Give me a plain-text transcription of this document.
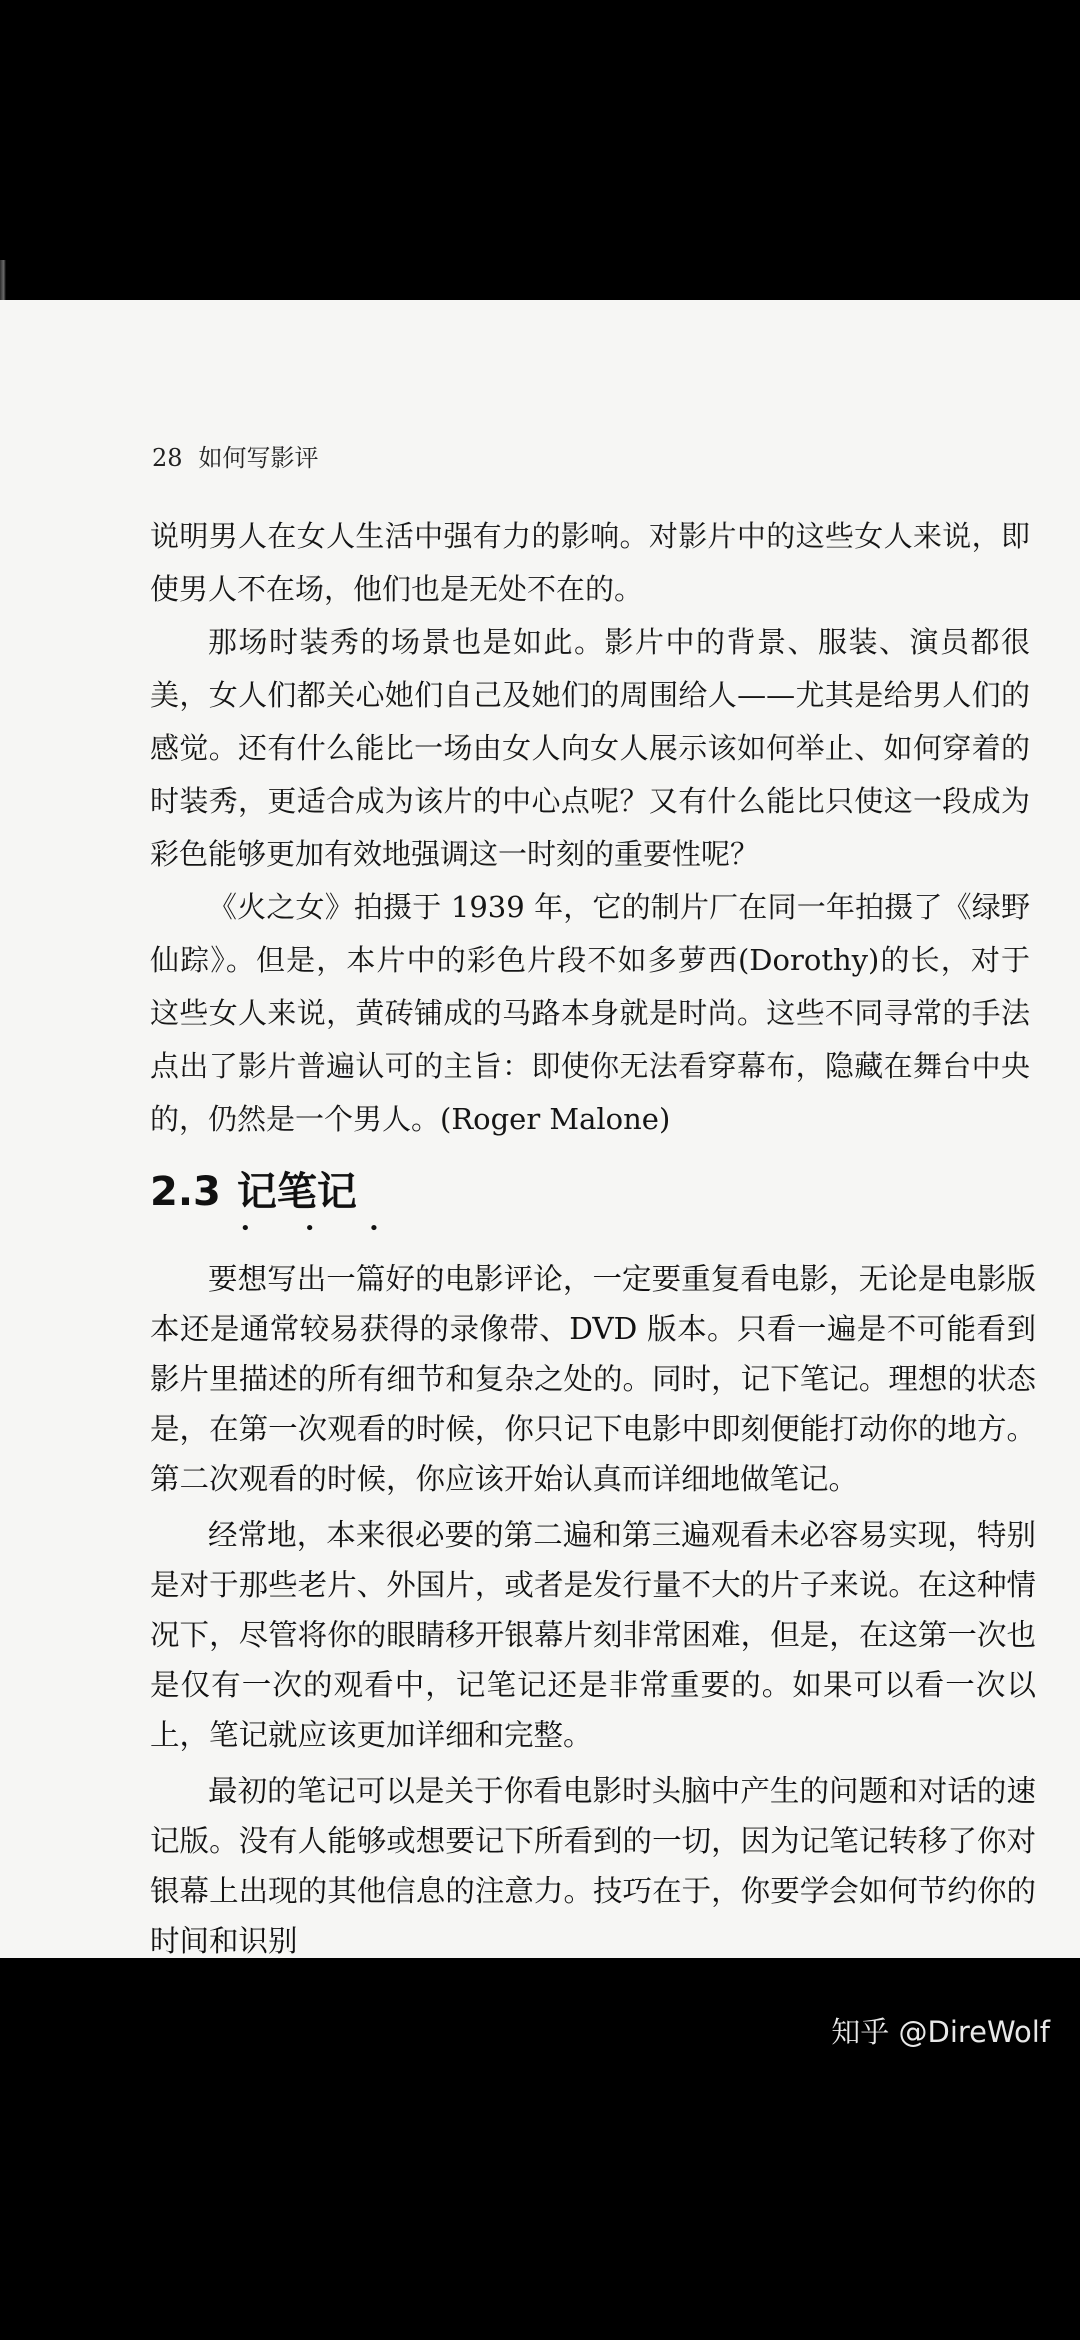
28 如何写影评

说明男人在女人生活中强有力的影响。对影片中的这些女人来说，即使男人不在场，他们也是无处不在的。

那场时装秀的场景也是如此。影片中的背景、服装、演员都很美，女人们都关心她们自己及她们的周围给人——尤其是给男人们的感觉。还有什么能比一场由女人向女人展示该如何举止、如何穿着的时装秀，更适合成为该片的中心点呢？又有什么能比只使这一段成为彩色能够更加有效地强调这一时刻的重要性呢？

《火之女》拍摄于 1939 年，它的制片厂在同一年拍摄了《绿野仙踪》。但是，本片中的彩色片段不如多萝西(Dorothy)的长，对于这些女人来说，黄砖铺成的马路本身就是时尚。这些不同寻常的手法点出了影片普遍认可的主旨：即使你无法看穿幕布，隐藏在舞台中央的，仍然是一个男人。(Roger Malone)

2.3 记笔记
• • •

要想写出一篇好的电影评论，一定要重复看电影，无论是电影版本还是通常较易获得的录像带、DVD 版本。只看一遍是不可能看到影片里描述的所有细节和复杂之处的。同时，记下笔记。理想的状态是，在第一次观看的时候，你只记下电影中即刻便能打动你的地方。第二次观看的时候，你应该开始认真而详细地做笔记。

经常地，本来很必要的第二遍和第三遍观看未必容易实现，特别是对于那些老片、外国片，或者是发行量不大的片子来说。在这种情况下，尽管将你的眼睛移开银幕片刻非常困难，但是，在这第一次也是仅有一次的观看中，记笔记还是非常重要的。如果可以看一次以上，笔记就应该更加详细和完整。

最初的笔记可以是关于你看电影时头脑中产生的问题和对话的速记版。没有人能够或想要记下所看到的一切，因为记笔记转移了你对银幕上出现的其他信息的注意力。技巧在于，你要学会如何节约你的时间和识别

知乎 @DireWolf
